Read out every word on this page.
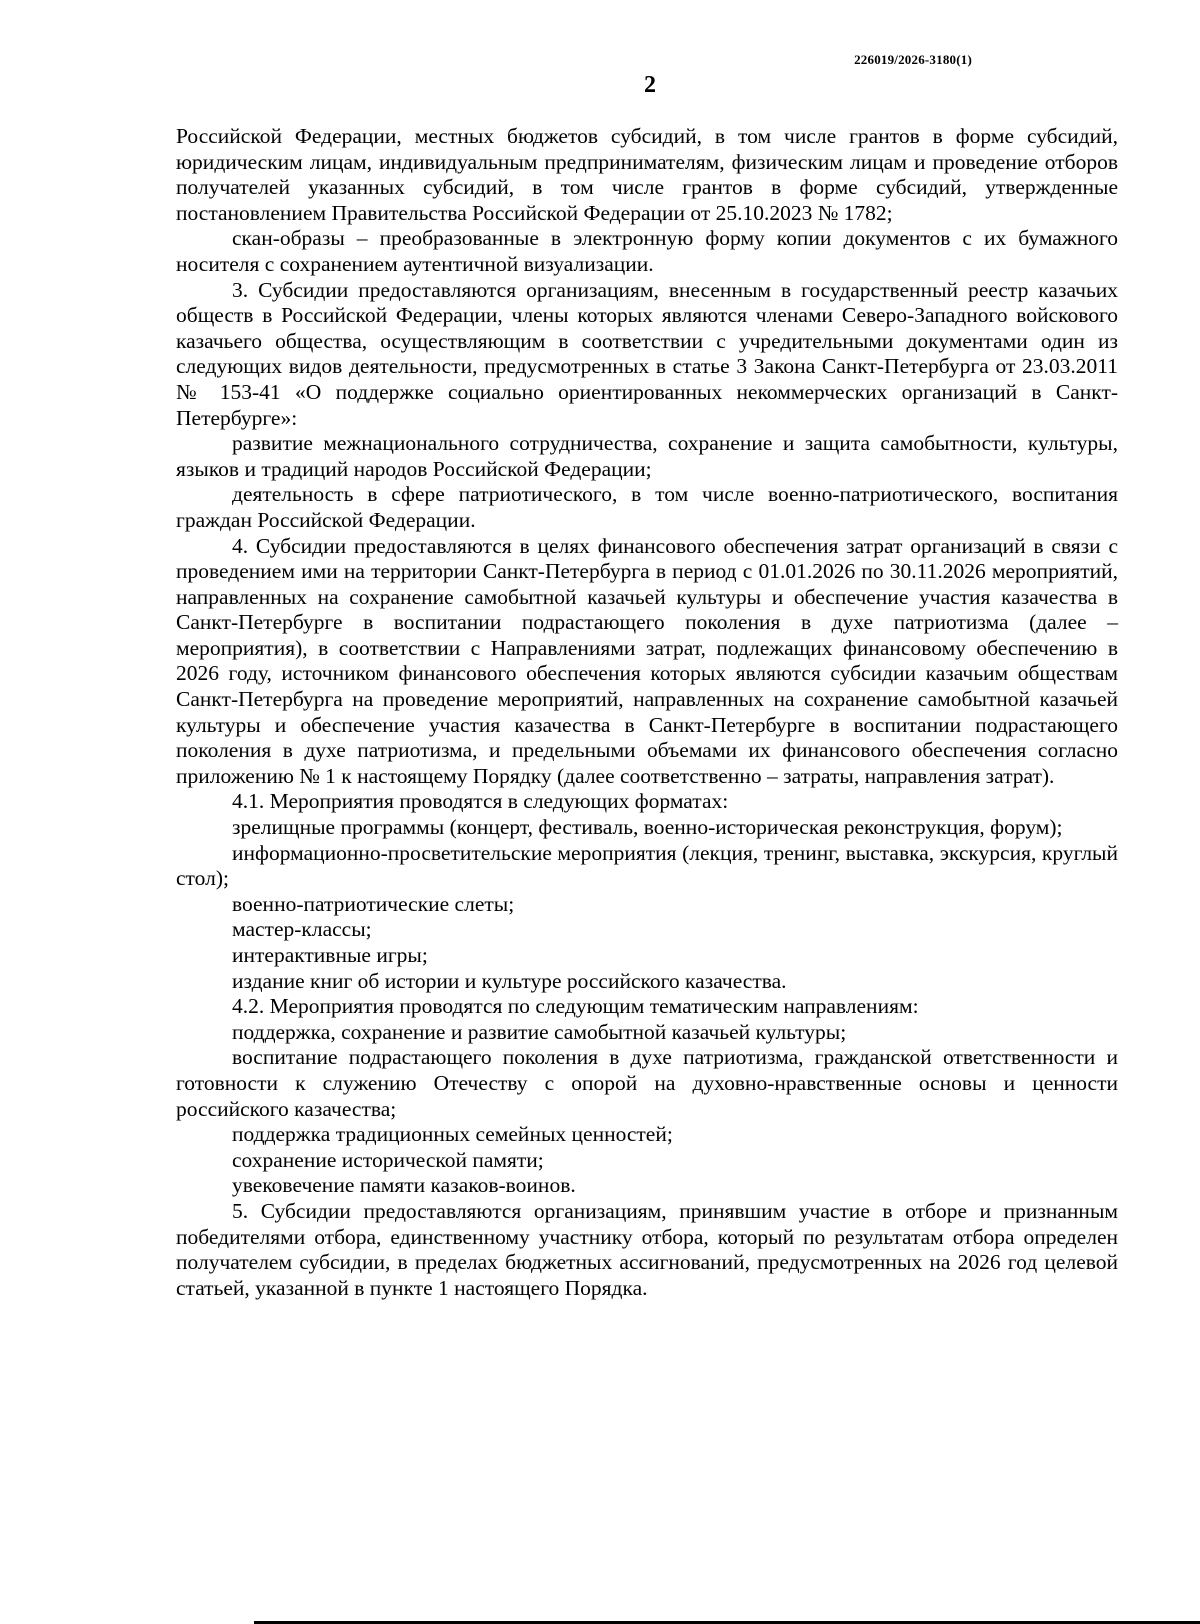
226019/2026-3180(1)
2

Российской Федерации, местных бюджетов субсидий, в том числе грантов в форме субсидий, юридическим лицам, индивидуальным предпринимателям, физическим лицам и проведение отборов получателей указанных субсидий, в том числе грантов в форме субсидий, утвержденные постановлением Правительства Российской Федерации от 25.10.2023 № 1782;

скан-образы – преобразованные в электронную форму копии документов с их бумажного носителя с сохранением аутентичной визуализации.

3. Субсидии предоставляются организациям, внесенным в государственный реестр казачьих обществ в Российской Федерации, члены которых являются членами Северо-Западного войскового казачьего общества, осуществляющим в соответствии с учредительными документами один из следующих видов деятельности, предусмотренных в статье 3 Закона Санкт-Петербурга от 23.03.2011 № 153-41 «О поддержке социально ориентированных некоммерческих организаций в Санкт-Петербурге»:

развитие межнационального сотрудничества, сохранение и защита самобытности, культуры, языков и традиций народов Российской Федерации;

деятельность в сфере патриотического, в том числе военно-патриотического, воспитания граждан Российской Федерации.

4. Субсидии предоставляются в целях финансового обеспечения затрат организаций в связи с проведением ими на территории Санкт-Петербурга в период с 01.01.2026 по 30.11.2026 мероприятий, направленных на сохранение самобытной казачьей культуры и обеспечение участия казачества в Санкт-Петербурге в воспитании подрастающего поколения в духе патриотизма (далее – мероприятия), в соответствии с Направлениями затрат, подлежащих финансовому обеспечению в 2026 году, источником финансового обеспечения которых являются субсидии казачьим обществам Санкт-Петербурга на проведение мероприятий, направленных на сохранение самобытной казачьей культуры и обеспечение участия казачества в Санкт-Петербурге в воспитании подрастающего поколения в духе патриотизма, и предельными объемами их финансового обеспечения согласно приложению № 1 к настоящему Порядку (далее соответственно – затраты, направления затрат).

4.1. Мероприятия проводятся в следующих форматах:

зрелищные программы (концерт, фестиваль, военно-историческая реконструкция, форум);

информационно-просветительские мероприятия (лекция, тренинг, выставка, экскурсия, круглый стол);

военно-патриотические слеты;

мастер-классы;

интерактивные игры;

издание книг об истории и культуре российского казачества.

4.2. Мероприятия проводятся по следующим тематическим направлениям:

поддержка, сохранение и развитие самобытной казачьей культуры;

воспитание подрастающего поколения в духе патриотизма, гражданской ответственности и готовности к служению Отечеству с опорой на духовно-нравственные основы и ценности российского казачества;

поддержка традиционных семейных ценностей;

сохранение исторической памяти;

увековечение памяти казаков-воинов.

5. Субсидии предоставляются организациям, принявшим участие в отборе и признанным победителями отбора, единственному участнику отбора, который по результатам отбора определен получателем субсидии, в пределах бюджетных ассигнований, предусмотренных на 2026 год целевой статьей, указанной в пункте 1 настоящего Порядка.
